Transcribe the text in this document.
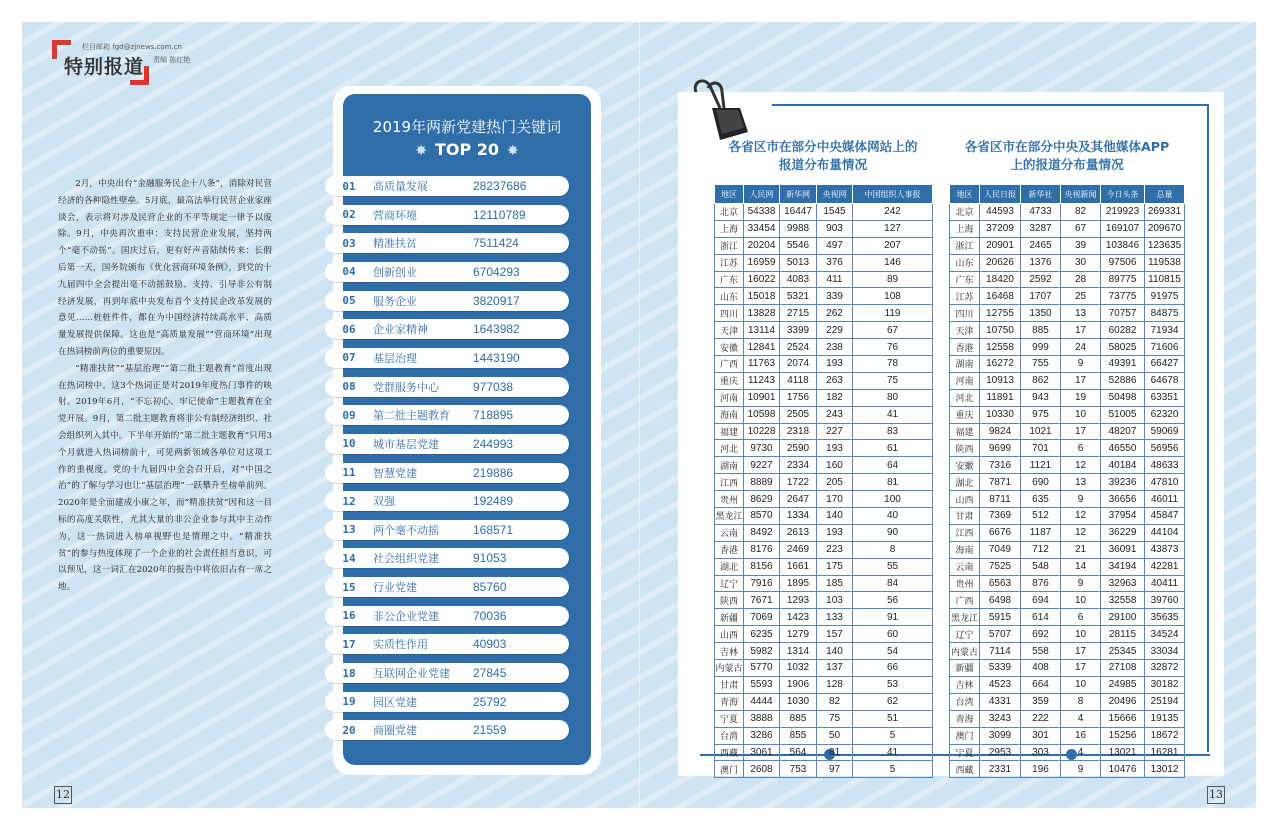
栏目邮箱 fgd@zjnews.com.cn
特别报道 责编 陈红艳

2月，中央出台“金融服务民企十八条”，消除对民营经济的各种隐性壁垒。5月底，最高法举行民营企业家座谈会，表示将对涉及民营企业的不平等规定一律予以废除。9月，中央再次重申：支持民营企业发展，坚持两个“毫不动摇”。国庆过后，更有好声音陆续传来：长假后第一天，国务院颁布《优化营商环境条例》，到党的十九届四中全会提出毫不动摇鼓励、支持、引导非公有制经济发展，再到年底中央发布首个支持民企改革发展的意见……桩桩件件，都在为中国经济持续高水平、高质量发展提供保障。这也是“高质量发展”“营商环境”出现在热词榜前两位的重要原因。

“精准扶贫”“基层治理”“第二批主题教育”首度出现在热词榜中。这3个热词正是对2019年度热门事件的映射。2019年6月，“不忘初心、牢记使命”主题教育在全党开展。9月，第二批主题教育将非公有制经济组织、社会组织列入其中。下半年开始的“第二批主题教育”只用3个月就进入热词榜前十，可见两新领域各单位对这项工作的重视度。党的十九届四中全会召开后，对“中国之治”的了解与学习也让“基层治理”一跃攀升至榜单前列。2020年是全面建成小康之年，而“精准扶贫”因和这一目标的高度关联性，尤其大量的非公企业参与其中主动作为，这一热词进入榜单视野也是情理之中。“精准扶贫”的参与热度体现了一个企业的社会责任担当意识，可以预见，这一词汇在2020年的报告中将依旧占有一席之地。

12	13
2019年两新党建热门关键词
✸ TOP 20 ✸
01	高质量发展	28237686
02	营商环境	12110789
03	精准扶贫	7511424
04	创新创业	6704293
05	服务企业	3820917
06	企业家精神	1643982
07	基层治理	1443190
08	党群服务中心	977038
09	第二批主题教育	718895
10	城市基层党建	244993
11	智慧党建	219886
12	双强	192489
13	两个毫不动摇	168571
14	社会组织党建	91053
15	行业党建	85760
16	非公企业党建	70036
17	实质性作用	40903
18	互联网企业党建	27845
19	园区党建	25792
20	商圈党建	21559
各省区市在部分中央媒体网站上的
报道分布量情况
各省区市在部分中央及其他媒体APP
上的报道分布量情况
地区	人民网	新华网	央视网	中国组织人事报
北京	54338	16447	1545	242
上海	33454	9988	903	127
浙江	20204	5546	497	207
江苏	16959	5013	376	146
广东	16022	4083	411	89
山东	15018	5321	339	108
四川	13828	2715	262	119
天津	13114	3399	229	67
安徽	12841	2524	238	76
广西	11763	2074	193	78
重庆	11243	4118	263	75
河南	10901	1756	182	80
海南	10598	2505	243	41
福建	10228	2318	227	83
河北	9730	2590	193	61
湖南	9227	2334	160	64
江西	8889	1722	205	81
贵州	8629	2647	170	100
黑龙江	8570	1334	140	40
云南	8492	2613	193	90
香港	8176	2469	223	8
湖北	8156	1661	175	55
辽宁	7916	1895	185	84
陕西	7671	1293	103	56
新疆	7069	1423	133	91
山西	6235	1279	157	60
吉林	5982	1314	140	54
内蒙古	5770	1032	137	66
甘肃	5593	1906	128	53
青海	4444	1030	82	62
宁夏	3888	885	75	51
台湾	3286	855	50	5
西藏	3061	564	81	41
澳门	2608	753	97	5
地区	人民日报	新华社	央视新闻	今日头条	总量
北京	44593	4733	82	219923	269331
上海	37209	3287	67	169107	209670
浙江	20901	2465	39	103846	123635
山东	20626	1376	30	97506	119538
广东	18420	2592	28	89775	110815
江苏	16468	1707	25	73775	91975
四川	12755	1350	13	70757	84875
天津	10750	885	17	60282	71934
香港	12558	999	24	58025	71606
湖南	16272	755	9	49391	66427
河南	10913	862	17	52886	64678
河北	11891	943	19	50498	63351
重庆	10330	975	10	51005	62320
福建	9824	1021	17	48207	59069
陕西	9699	701	6	46550	56956
安徽	7316	1121	12	40184	48633
湖北	7871	690	13	39236	47810
山西	8711	635	9	36656	46011
甘肃	7369	512	12	37954	45847
江西	6676	1187	12	36229	44104
海南	7049	712	21	36091	43873
云南	7525	548	14	34194	42281
贵州	6563	876	9	32963	40411
广西	6498	694	10	32558	39760
黑龙江	5915	614	6	29100	35635
辽宁	5707	692	10	28115	34524
内蒙古	7114	558	17	25345	33034
新疆	5339	408	17	27108	32872
吉林	4523	664	10	24985	30182
台湾	4331	359	8	20496	25194
青海	3243	222	4	15666	19135
澳门	3099	301	16	15256	18672
宁夏	2953	303	4	13021	16281
西藏	2331	196	9	10476	13012
